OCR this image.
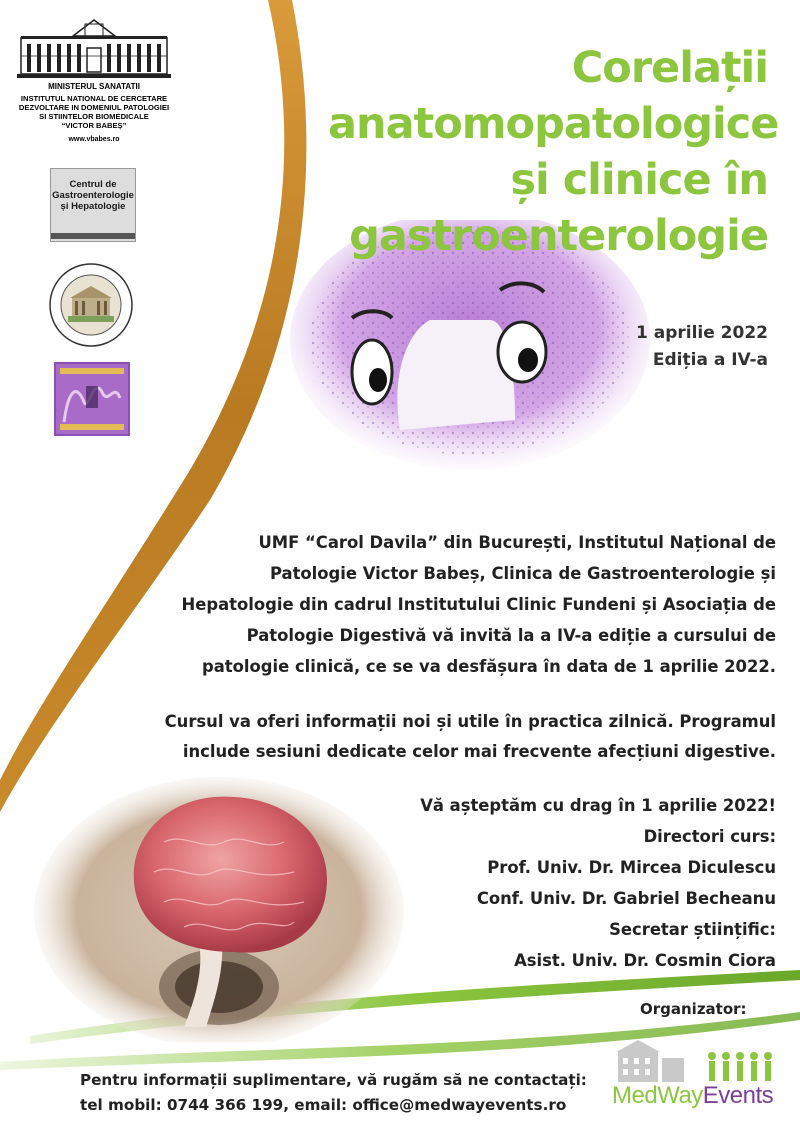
MINISTERUL SANATATII
INSTITUTUL NATIONAL DE CERCETARE
DEZVOLTARE IN DOMENIUL PATOLOGIEI
SI STIINTELOR BIOMEDICALE
“VICTOR BABEȘ”
www.vbabes.ro
Centrul de
Gastroenterologie
și Hepatologie
Corelații
anatomopatologice
și clinice în
gastroenterologie
1 aprilie 2022
Ediția a IV-a
UMF “Carol Davila” din București, Institutul Național de
Patologie Victor Babeș, Clinica de Gastroenterologie și
Hepatologie din cadrul Institutului Clinic Fundeni și Asociația de
Patologie Digestivă vă invită la a IV-a ediție a cursului de
patologie clinică, ce se va desfășura în data de 1 aprilie 2022.
Cursul va oferi informații noi și utile în practica zilnică. Programul
include sesiuni dedicate celor mai frecvente afecțiuni digestive.
Vă așteptăm cu drag în 1 aprilie 2022!
Directori curs:
Prof. Univ. Dr. Mircea Diculescu
Conf. Univ. Dr. Gabriel Becheanu
Secretar științific:
Asist. Univ. Dr. Cosmin Ciora
Organizator:
MedWayEvents
Pentru informații suplimentare, vă rugăm să ne contactați:
tel mobil: 0744 366 199, email: office@medwayevents.ro
